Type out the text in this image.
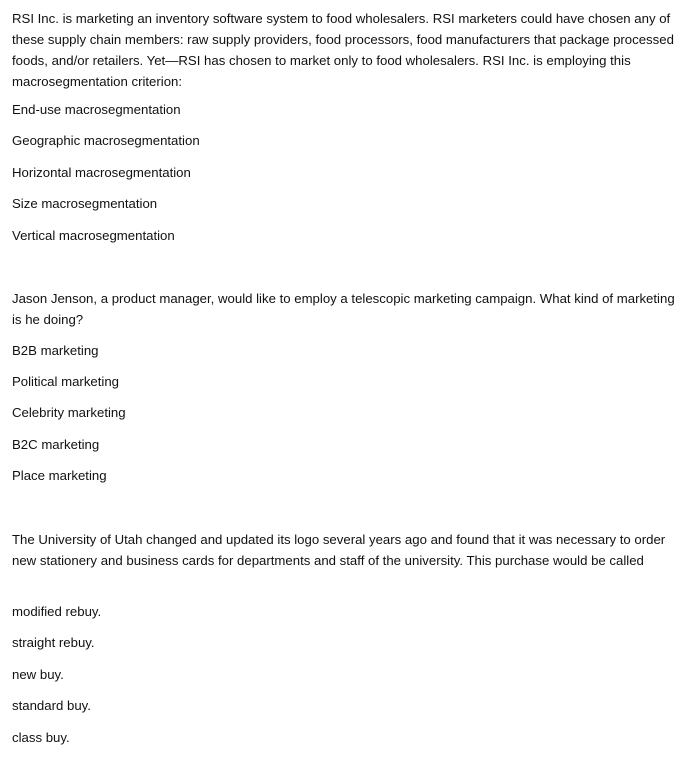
RSI Inc. is marketing an inventory software system to food wholesalers. RSI marketers could have chosen any of these supply chain members: raw supply providers, food processors, food manufacturers that package processed foods, and/or retailers. Yet—RSI has chosen to market only to food wholesalers. RSI Inc. is employing this macrosegmentation criterion:
End-use macrosegmentation
Geographic macrosegmentation
Horizontal macrosegmentation
Size macrosegmentation
Vertical macrosegmentation
Jason Jenson, a product manager, would like to employ a telescopic marketing campaign. What kind of marketing is he doing?
B2B marketing
Political marketing
Celebrity marketing
B2C marketing
Place marketing
The University of Utah changed and updated its logo several years ago and found that it was necessary to order new stationery and business cards for departments and staff of the university. This purchase would be called
modified rebuy.
straight rebuy.
new buy.
standard buy.
class buy.
